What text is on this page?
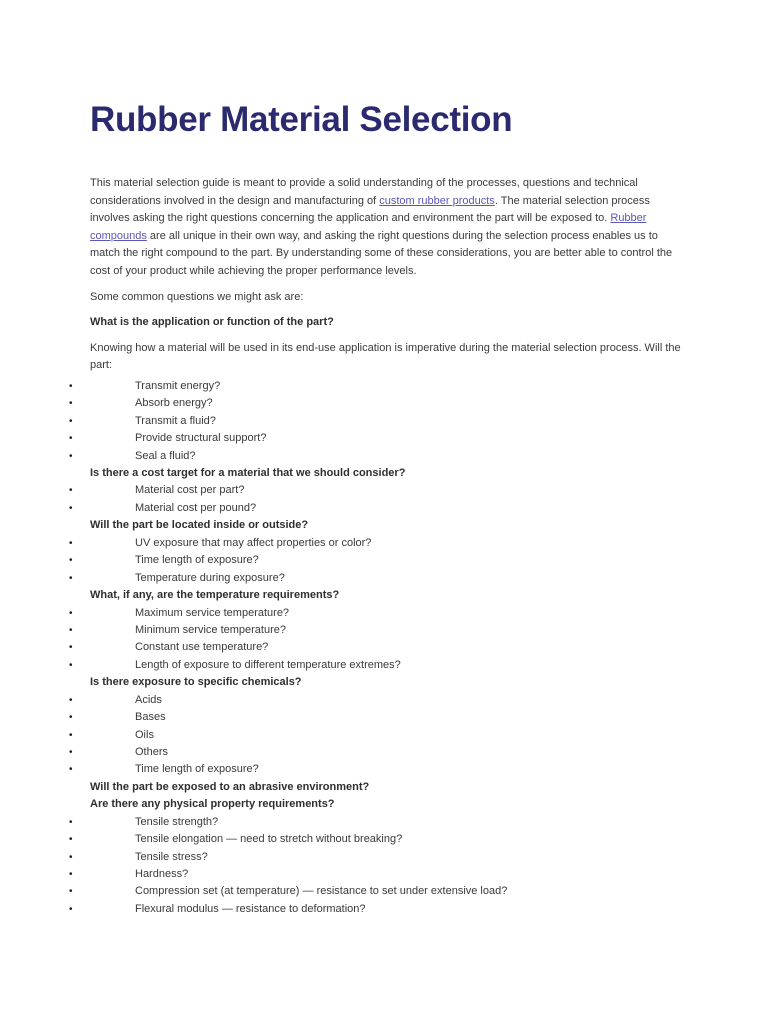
Rubber Material Selection

This material selection guide is meant to provide a solid understanding of the processes, questions and technical considerations involved in the design and manufacturing of custom rubber products. The material selection process involves asking the right questions concerning the application and environment the part will be exposed to. Rubber compounds are all unique in their own way, and asking the right questions during the selection process enables us to match the right compound to the part. By understanding some of these considerations, you are better able to control the cost of your product while achieving the proper performance levels.

Some common questions we might ask are:

What is the application or function of the part?

Knowing how a material will be used in its end-use application is imperative during the material selection process. Will the part:

•	Transmit energy?
•	Absorb energy?
•	Transmit a fluid?
•	Provide structural support?
•	Seal a fluid?

Is there a cost target for a material that we should consider?

•	Material cost per part?
•	Material cost per pound?

Will the part be located inside or outside?

•	UV exposure that may affect properties or color?
•	Time length of exposure?
•	Temperature during exposure?

What, if any, are the temperature requirements?

•	Maximum service temperature?
•	Minimum service temperature?
•	Constant use temperature?
•	Length of exposure to different temperature extremes?

Is there exposure to specific chemicals?

•	Acids
•	Bases
•	Oils
•	Others
•	Time length of exposure?

Will the part be exposed to an abrasive environment?

Are there any physical property requirements?

•	Tensile strength?
•	Tensile elongation — need to stretch without breaking?
•	Tensile stress?
•	Hardness?
•	Compression set (at temperature) — resistance to set under extensive load?
•	Flexural modulus — resistance to deformation?
